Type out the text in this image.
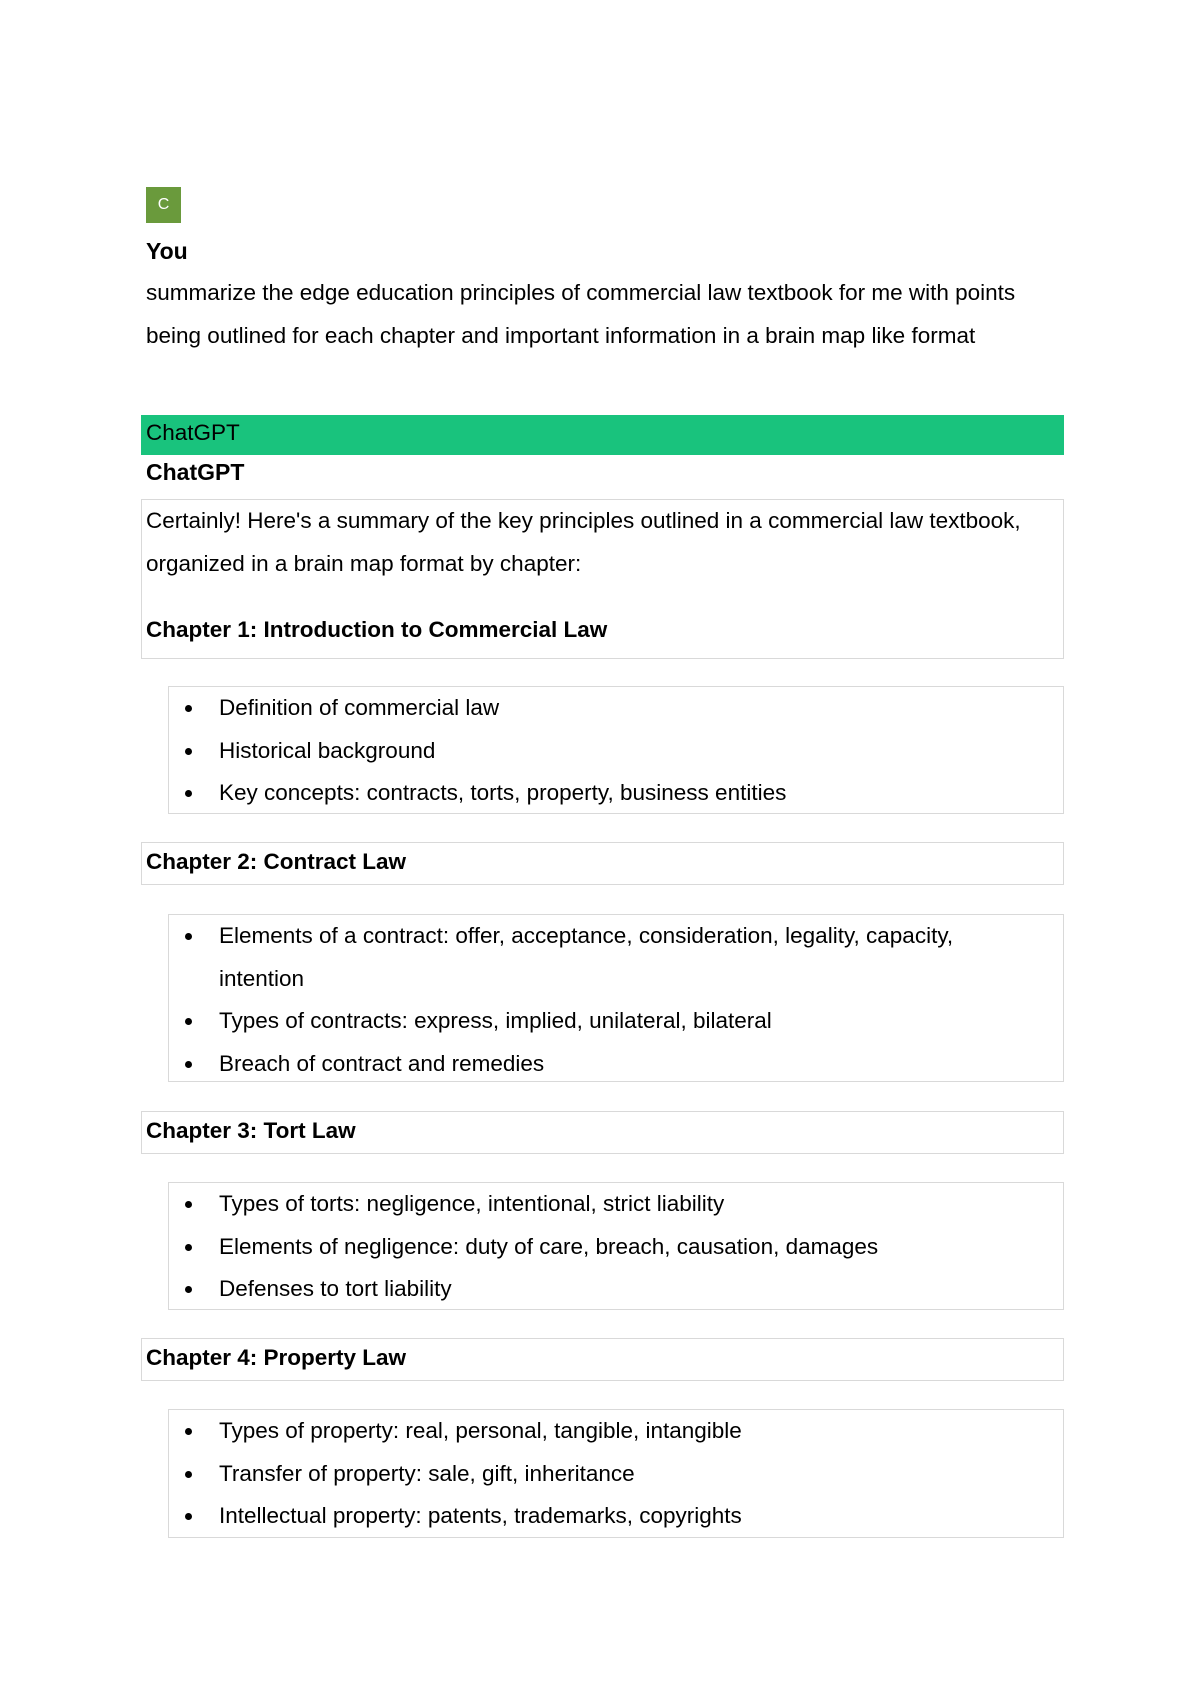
C
You
summarize the edge education principles of commercial law textbook for me with points being outlined for each chapter and important information in a brain map like format
ChatGPT
ChatGPT
Certainly! Here's a summary of the key principles outlined in a commercial law textbook, organized in a brain map format by chapter:
Chapter 1: Introduction to Commercial Law
Definition of commercial law
Historical background
Key concepts: contracts, torts, property, business entities
Chapter 2: Contract Law
Elements of a contract: offer, acceptance, consideration, legality, capacity, intention
Types of contracts: express, implied, unilateral, bilateral
Breach of contract and remedies
Chapter 3: Tort Law
Types of torts: negligence, intentional, strict liability
Elements of negligence: duty of care, breach, causation, damages
Defenses to tort liability
Chapter 4: Property Law
Types of property: real, personal, tangible, intangible
Transfer of property: sale, gift, inheritance
Intellectual property: patents, trademarks, copyrights
